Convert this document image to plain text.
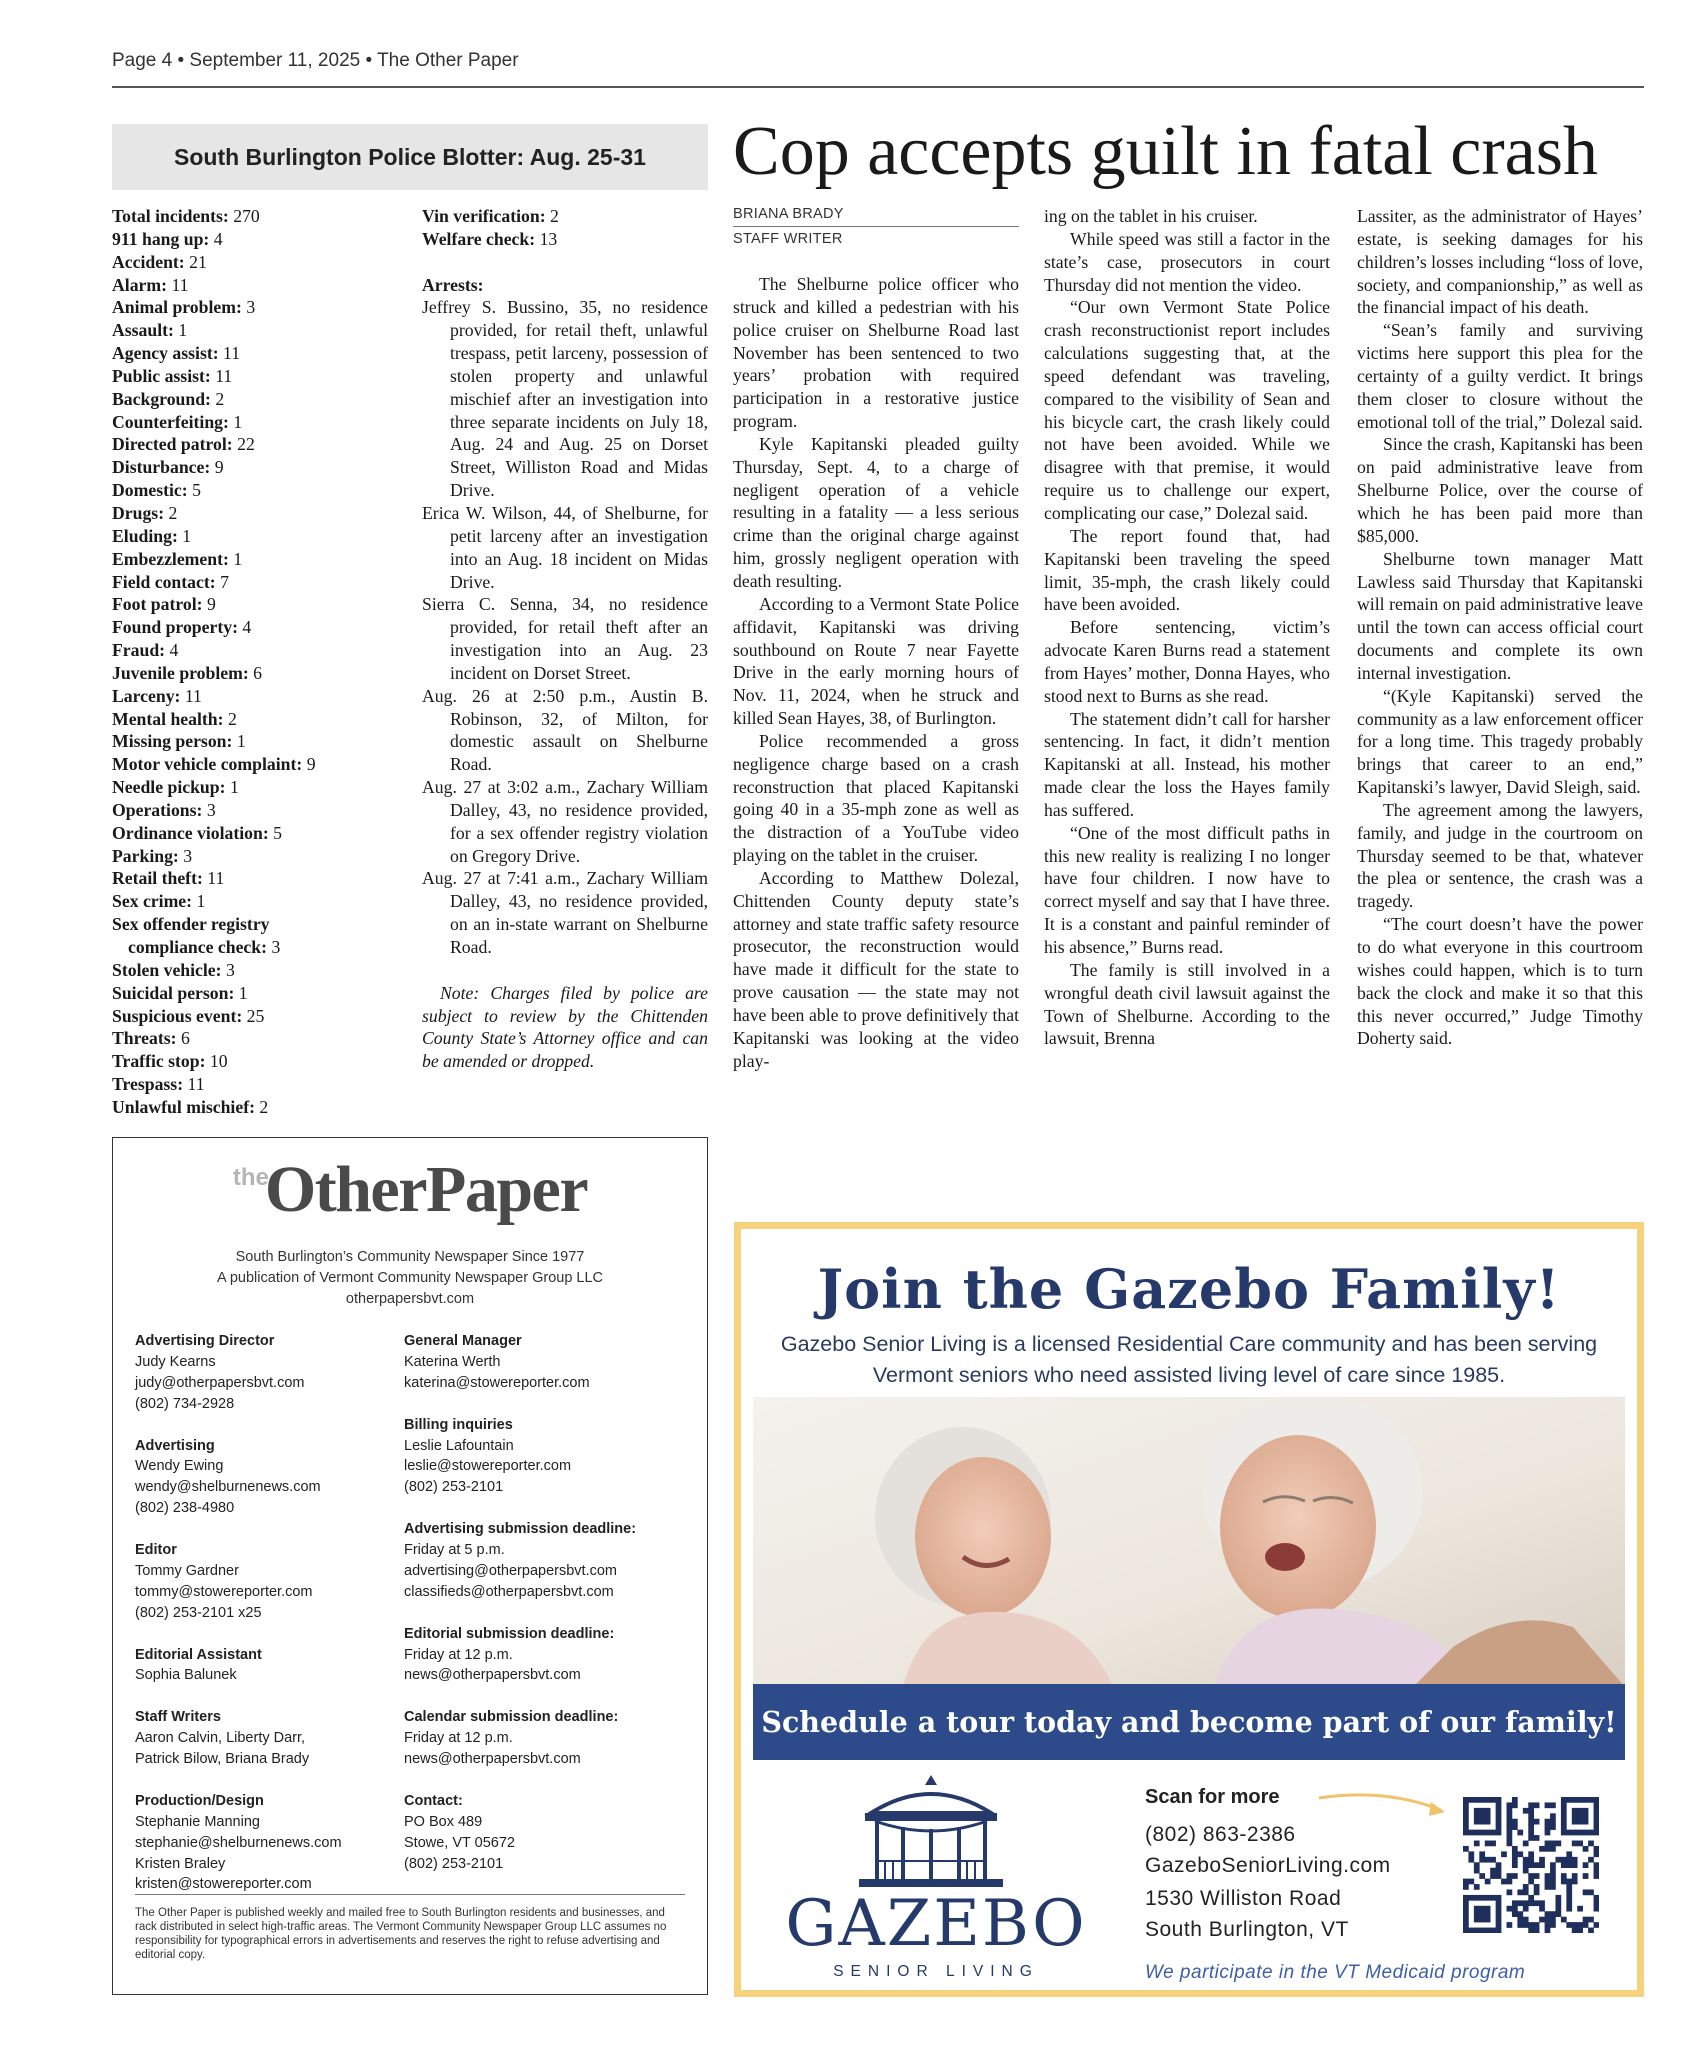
Page 4 • September 11, 2025 • The Other Paper
South Burlington Police Blotter: Aug. 25-31
Total incidents: 270
911 hang up: 4
Accident: 21
Alarm: 11
Animal problem: 3
Assault: 1
Agency assist: 11
Public assist: 11
Background: 2
Counterfeiting: 1
Directed patrol: 22
Disturbance: 9
Domestic: 5
Drugs: 2
Eluding: 1
Embezzlement: 1
Field contact: 7
Foot patrol: 9
Found property: 4
Fraud: 4
Juvenile problem: 6
Larceny: 11
Mental health: 2
Missing person: 1
Motor vehicle complaint: 9
Needle pickup: 1
Operations: 3
Ordinance violation: 5
Parking: 3
Retail theft: 11
Sex crime: 1
Sex offender registry
compliance check: 3
Stolen vehicle: 3
Suicidal person: 1
Suspicious event: 25
Threats: 6
Traffic stop: 10
Trespass: 11
Unlawful mischief: 2
Vin verification: 2
Welfare check: 13
Arrests:
Jeffrey S. Bussino, 35, no residence provided, for retail theft, unlawful trespass, petit larceny, possession of stolen property and unlawful mischief after an investigation into three separate incidents on July 18, Aug. 24 and Aug. 25 on Dorset Street, Williston Road and Midas Drive.
Erica W. Wilson, 44, of Shelburne, for petit larceny after an investigation into an Aug. 18 incident on Midas Drive.
Sierra C. Senna, 34, no residence provided, for retail theft after an investigation into an Aug. 23 incident on Dorset Street.
Aug. 26 at 2:50 p.m., Austin B. Robinson, 32, of Milton, for domestic assault on Shelburne Road.
Aug. 27 at 3:02 a.m., Zachary William Dalley, 43, no residence provided, for a sex offender registry violation on Gregory Drive.
Aug. 27 at 7:41 a.m., Zachary William Dalley, 43, no residence provided, on an in-state warrant on Shelburne Road.
Note: Charges filed by police are subject to review by the Chittenden County State’s Attorney office and can be amended or dropped.
Cop accepts guilt in fatal crash
BRIANA BRADY
STAFF WRITER

The Shelburne police officer who struck and killed a pedestrian with his police cruiser on Shelburne Road last November has been sentenced to two years’ probation with required participation in a restorative justice program.

Kyle Kapitanski pleaded guilty Thursday, Sept. 4, to a charge of negligent operation of a vehicle resulting in a fatality — a less serious crime than the original charge against him, grossly negligent operation with death resulting.

According to a Vermont State Police affidavit, Kapitanski was driving southbound on Route 7 near Fayette Drive in the early morning hours of Nov. 11, 2024, when he struck and killed Sean Hayes, 38, of Burlington.

Police recommended a gross negligence charge based on a crash reconstruction that placed Kapitanski going 40 in a 35-mph zone as well as the distraction of a YouTube video playing on the tablet in the cruiser.

According to Matthew Dolezal, Chittenden County deputy state’s attorney and state traffic safety resource prosecutor, the reconstruction would have made it difficult for the state to prove causation — the state may not have been able to prove definitively that Kapitanski was looking at the video play-

ing on the tablet in his cruiser.

While speed was still a factor in the state’s case, prosecutors in court Thursday did not mention the video.

“Our own Vermont State Police crash reconstructionist report includes calculations suggesting that, at the speed defendant was traveling, compared to the visibility of Sean and his bicycle cart, the crash likely could not have been avoided. While we disagree with that premise, it would require us to challenge our expert, complicating our case,” Dolezal said.

The report found that, had Kapitanski been traveling the speed limit, 35-mph, the crash likely could have been avoided.

Before sentencing, victim’s advocate Karen Burns read a statement from Hayes’ mother, Donna Hayes, who stood next to Burns as she read.

The statement didn’t call for harsher sentencing. In fact, it didn’t mention Kapitanski at all. Instead, his mother made clear the loss the Hayes family has suffered.

“One of the most difficult paths in this new reality is realizing I no longer have four children. I now have to correct myself and say that I have three. It is a constant and painful reminder of his absence,” Burns read.

The family is still involved in a wrongful death civil lawsuit against the Town of Shelburne. According to the lawsuit, Brenna

Lassiter, as the administrator of Hayes’ estate, is seeking damages for his children’s losses including “loss of love, society, and companionship,” as well as the financial impact of his death.

“Sean’s family and surviving victims here support this plea for the certainty of a guilty verdict. It brings them closer to closure without the emotional toll of the trial,” Dolezal said.

Since the crash, Kapitanski has been on paid administrative leave from Shelburne Police, over the course of which he has been paid more than $85,000.

Shelburne town manager Matt Lawless said Thursday that Kapitanski will remain on paid administrative leave until the town can access official court documents and complete its own internal investigation.

“(Kyle Kapitanski) served the community as a law enforcement officer for a long time. This tragedy probably brings that career to an end,” Kapitanski’s lawyer, David Sleigh, said.

The agreement among the lawyers, family, and judge in the courtroom on Thursday seemed to be that, whatever the plea or sentence, the crash was a tragedy.

“The court doesn’t have the power to do what everyone in this courtroom wishes could happen, which is to turn back the clock and make it so that this this never occurred,” Judge Timothy Doherty said.

theOtherPaper
South Burlington’s Community Newspaper Since 1977
A publication of Vermont Community Newspaper Group LLC
otherpapersbvt.com
Advertising Director
Judy Kearns
judy@otherpapersbvt.com
(802) 734-2928
Advertising
Wendy Ewing
wendy@shelburnenews.com
(802) 238-4980
Editor
Tommy Gardner
tommy@stowereporter.com
(802) 253-2101 x25
Editorial Assistant
Sophia Balunek
Staff Writers
Aaron Calvin, Liberty Darr,
Patrick Bilow, Briana Brady
Production/Design
Stephanie Manning
stephanie@shelburnenews.com
Kristen Braley
kristen@stowereporter.com
General Manager
Katerina Werth
katerina@stowereporter.com
Billing inquiries
Leslie Lafountain
leslie@stowereporter.com
(802) 253-2101
Advertising submission deadline:
Friday at 5 p.m.
advertising@otherpapersbvt.com
classifieds@otherpapersbvt.com
Editorial submission deadline:
Friday at 12 p.m.
news@otherpapersbvt.com
Calendar submission deadline:
Friday at 12 p.m.
news@otherpapersbvt.com
Contact:
PO Box 489
Stowe, VT 05672
(802) 253-2101
The Other Paper is published weekly and mailed free to South Burlington residents and businesses, and rack distributed in select high-traffic areas. The Vermont Community Newspaper Group LLC assumes no responsibility for typographical errors in advertisements and reserves the right to refuse advertising and editorial copy.
Join the Gazebo Family!
Gazebo Senior Living is a licensed Residential Care community and has been serving Vermont seniors who need assisted living level of care since 1985.
Schedule a tour today and become part of our family!
GAZEBO
SENIOR LIVING
Scan for more
(802) 863-2386
GazeboSeniorLiving.com
1530 Williston Road
South Burlington, VT
We participate in the VT Medicaid program
